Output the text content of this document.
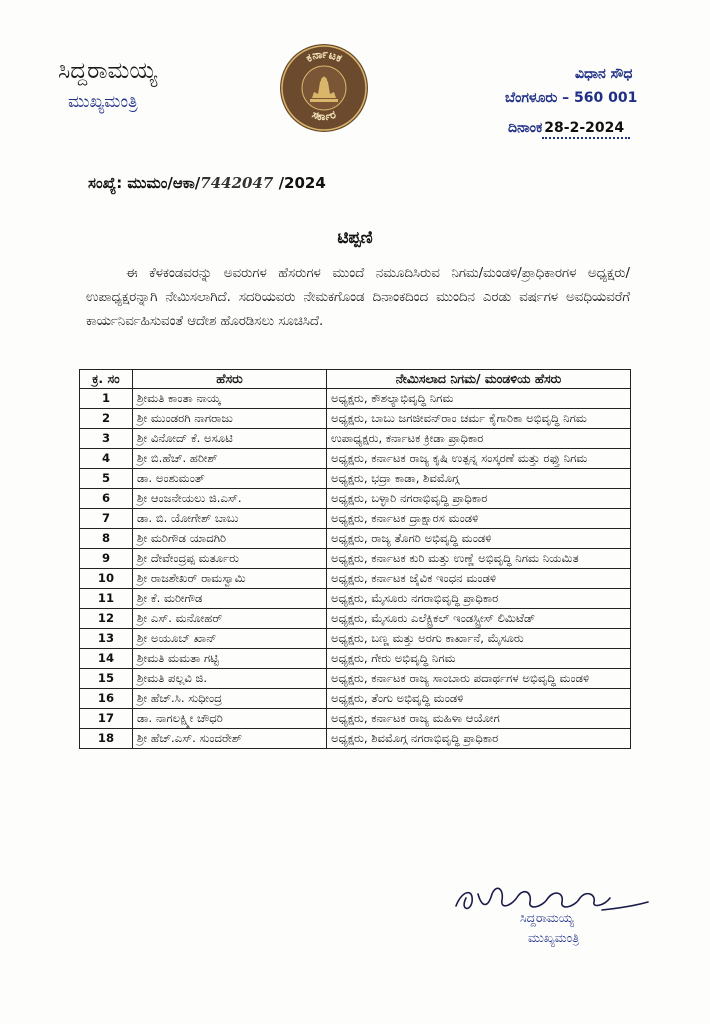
ಸಿದ್ದರಾಮಯ್ಯ
ಮುಖ್ಯಮಂತ್ರಿ
ಕರ್ನಾಟಕ
ಸರ್ಕಾರ
ವಿಧಾನ ಸೌಧ
ಬೆಂಗಳೂರು – 560 001
ದಿನಾಂಕ 28-2-2024
ಸಂಖ್ಯೆ: ಮುಮಂ/ಆಕಾ/7442047 /2024
ಟಿಪ್ಪಣಿ
ಈ ಕೆಳಕಂಡವರನ್ನು ಅವರುಗಳ ಹೆಸರುಗಳ ಮುಂದೆ ನಮೂದಿಸಿರುವ ನಿಗಮ/ಮಂಡಳಿ/ಪ್ರಾಧಿಕಾರಗಳ ಅಧ್ಯಕ್ಷರು/ಉಪಾಧ್ಯಕ್ಷರನ್ನಾಗಿ ನೇಮಿಸಲಾಗಿದೆ. ಸದರಿಯವರು ನೇಮಕಗೊಂಡ ದಿನಾಂಕದಿಂದ ಮುಂದಿನ ಎರಡು ವರ್ಷಗಳ ಅವಧಿಯವರೆಗೆ ಕಾರ್ಯನಿರ್ವಹಿಸುವಂತೆ ಆದೇಶ ಹೊರಡಿಸಲು ಸೂಚಿಸಿದೆ.
ಕ್ರ. ಸಂ	ಹೆಸರು	ನೇಮಿಸಲಾದ ನಿಗಮ/ ಮಂಡಳಿಯ ಹೆಸರು
1	ಶ್ರೀಮತಿ ಕಾಂತಾ ನಾಯ್ಕ	ಅಧ್ಯಕ್ಷರು, ಕೌಶಲ್ಯಾಭಿವೃದ್ಧಿ ನಿಗಮ
2	ಶ್ರೀ ಮುಂಡರಗಿ ನಾಗರಾಜು	ಅಧ್ಯಕ್ಷರು, ಬಾಬು ಜಗಜೀವನ್‌ರಾಂ ಚರ್ಮ ಕೈಗಾರಿಕಾ ಅಭಿವೃದ್ಧಿ ನಿಗಮ
3	ಶ್ರೀ ವಿನೋದ್ ಕೆ. ಅಸೂಟಿ	ಉಪಾಧ್ಯಕ್ಷರು, ಕರ್ನಾಟಕ ಕ್ರೀಡಾ ಪ್ರಾಧಿಕಾರ
4	ಶ್ರೀ ಬಿ.ಹೆಚ್. ಹರೀಶ್	ಅಧ್ಯಕ್ಷರು, ಕರ್ನಾಟಕ ರಾಜ್ಯ ಕೃಷಿ ಉತ್ಪನ್ನ ಸಂಸ್ಕರಣೆ ಮತ್ತು ರಫ್ತು ನಿಗಮ
5	ಡಾ. ಅಂಶುಮಂತ್	ಅಧ್ಯಕ್ಷರು, ಭದ್ರಾ ಕಾಡಾ, ಶಿವಮೊಗ್ಗ
6	ಶ್ರೀ ಆಂಜನೇಯಲು ಜಿ.ಎಸ್.	ಅಧ್ಯಕ್ಷರು, ಬಳ್ಳಾರಿ ನಗರಾಭಿವೃದ್ಧಿ ಪ್ರಾಧಿಕಾರ
7	ಡಾ. ಬಿ. ಯೋಗೇಶ್ ಬಾಬು	ಅಧ್ಯಕ್ಷರು, ಕರ್ನಾಟಕ ದ್ರಾಕ್ಷಾರಸ ಮಂಡಳಿ
8	ಶ್ರೀ ಮರಿಗೌಡ ಯಾದಗಿರಿ	ಅಧ್ಯಕ್ಷರು, ರಾಜ್ಯ ತೊಗರಿ ಅಭಿವೃದ್ಧಿ ಮಂಡಳಿ
9	ಶ್ರೀ ದೇವೇಂದ್ರಪ್ಪ ಮರ್ತೂರು	ಅಧ್ಯಕ್ಷರು, ಕರ್ನಾಟಕ ಕುರಿ ಮತ್ತು ಉಣ್ಣೆ ಅಭಿವೃದ್ಧಿ ನಿಗಮ ನಿಯಮಿತ
10	ಶ್ರೀ ರಾಜಶೇಖರ್ ರಾಮಸ್ವಾಮಿ	ಅಧ್ಯಕ್ಷರು, ಕರ್ನಾಟಕ ಜೈವಿಕ ಇಂಧನ ಮಂಡಳಿ
11	ಶ್ರೀ ಕೆ. ಮರೀಗೌಡ	ಅಧ್ಯಕ್ಷರು, ಮೈಸೂರು ನಗರಾಭಿವೃದ್ಧಿ ಪ್ರಾಧಿಕಾರ
12	ಶ್ರೀ ಎಸ್. ಮನೋಹರ್	ಅಧ್ಯಕ್ಷರು, ಮೈಸೂರು ಎಲೆಕ್ಟ್ರಿಕಲ್ ಇಂಡಸ್ಟ್ರೀಸ್ ಲಿಮಿಟೆಡ್
13	ಶ್ರೀ ಅಯೂಬ್ ಖಾನ್	ಅಧ್ಯಕ್ಷರು, ಬಣ್ಣ ಮತ್ತು ಅರಗು ಕಾರ್ಖಾನೆ, ಮೈಸೂರು
14	ಶ್ರೀಮತಿ ಮಮತಾ ಗಟ್ಟಿ	ಅಧ್ಯಕ್ಷರು, ಗೇರು ಅಭಿವೃದ್ಧಿ ನಿಗಮ
15	ಶ್ರೀಮತಿ ಪಲ್ಲವಿ ಜಿ.	ಅಧ್ಯಕ್ಷರು, ಕರ್ನಾಟಕ ರಾಜ್ಯ ಸಾಂಬಾರು ಪದಾರ್ಥಗಳ ಅಭಿವೃದ್ಧಿ ಮಂಡಳಿ
16	ಶ್ರೀ ಹೆಚ್.ಸಿ. ಸುಧೀಂದ್ರ	ಅಧ್ಯಕ್ಷರು, ತೆಂಗು ಅಭಿವೃದ್ಧಿ ಮಂಡಳಿ
17	ಡಾ. ನಾಗಲಕ್ಷ್ಮೀ ಚೌಧರಿ	ಅಧ್ಯಕ್ಷರು, ಕರ್ನಾಟಕ ರಾಜ್ಯ ಮಹಿಳಾ ಆಯೋಗ
18	ಶ್ರೀ ಹೆಚ್.ಎಸ್. ಸುಂದರೇಶ್	ಅಧ್ಯಕ್ಷರು, ಶಿವಮೊಗ್ಗ ನಗರಾಭಿವೃದ್ಧಿ ಪ್ರಾಧಿಕಾರ
ಸಿದ್ದರಾಮಯ್ಯ
ಮುಖ್ಯಮಂತ್ರಿ
